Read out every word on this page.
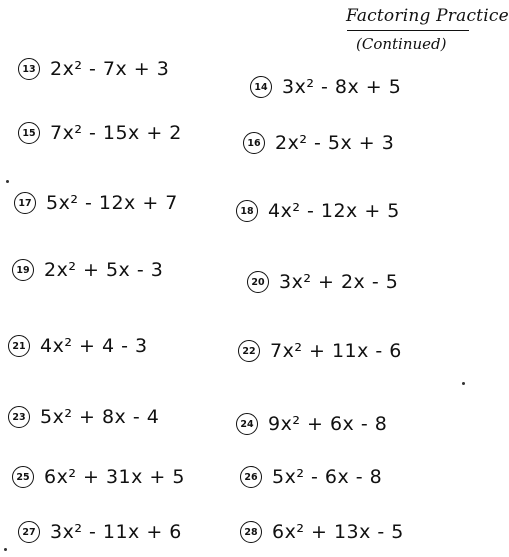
Factoring Practice
(Continued)
13 2x² - 7x + 3
14 3x² - 8x + 5
15 7x² - 15x + 2	16 2x² - 5x + 3
17 5x² - 12x + 7	18 4x² - 12x + 5
19 2x² + 5x - 3
20 3x² + 2x - 5
21 4x² + 4 - 3	22 7x² + 11x - 6
23 5x² + 8x - 4	24 9x² + 6x - 8
25 6x² + 31x + 5	26 5x² - 6x - 8
27 3x² - 11x + 6	28 6x² + 13x - 5
